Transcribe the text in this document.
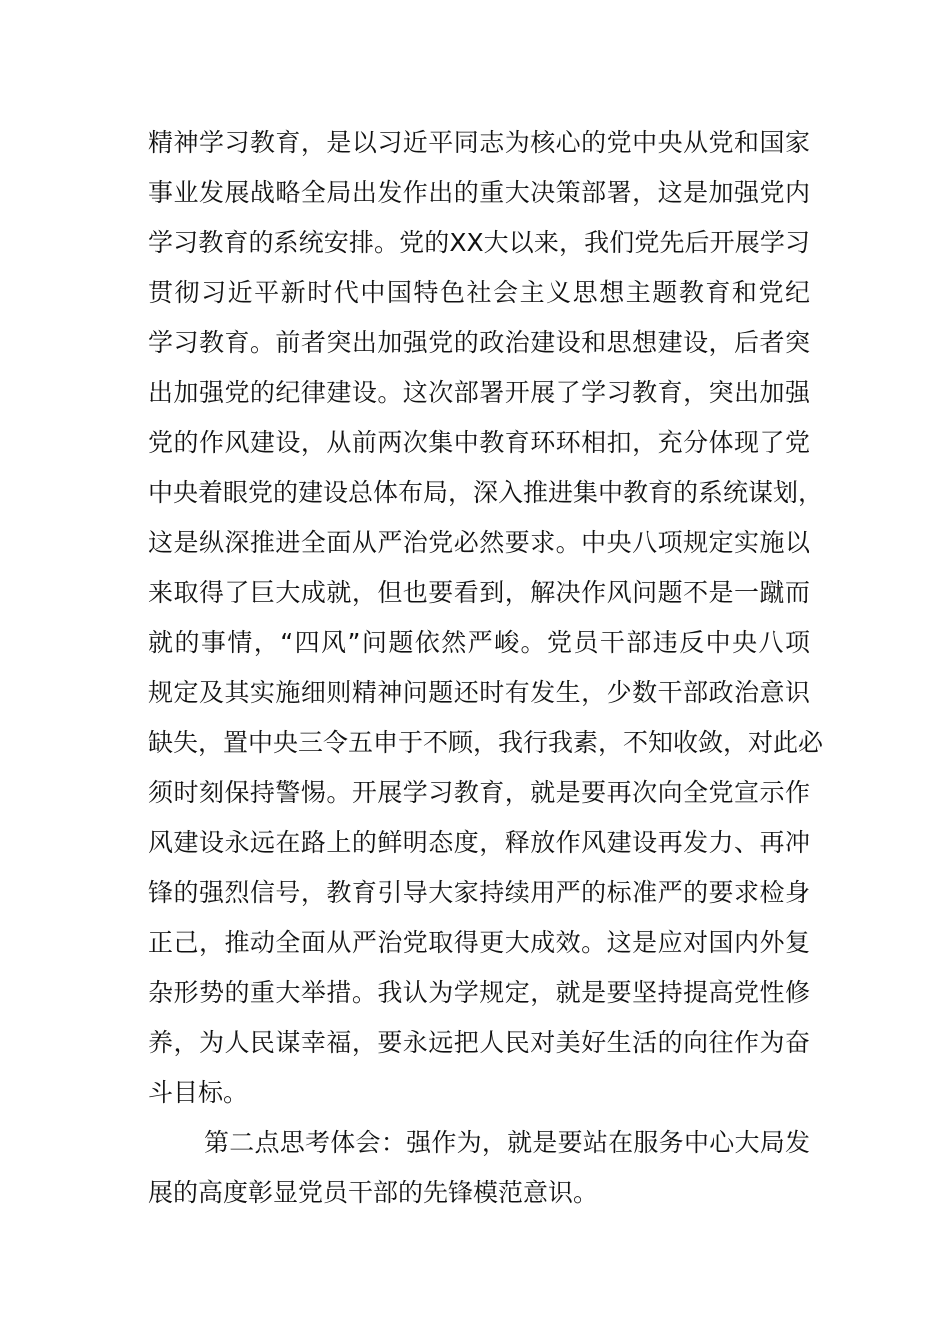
精神学习教育，是以习近平同志为核心的党中央从党和国家
事业发展战略全局出发作出的重大决策部署，这是加强党内
学习教育的系统安排。党的XX大以来，我们党先后开展学习
贯彻习近平新时代中国特色社会主义思想主题教育和党纪
学习教育。前者突出加强党的政治建设和思想建设，后者突
出加强党的纪律建设。这次部署开展了学习教育，突出加强
党的作风建设，从前两次集中教育环环相扣，充分体现了党
中央着眼党的建设总体布局，深入推进集中教育的系统谋划，
这是纵深推进全面从严治党必然要求。中央八项规定实施以
来取得了巨大成就，但也要看到，解决作风问题不是一蹴而
就的事情，“四风”问题依然严峻。党员干部违反中央八项
规定及其实施细则精神问题还时有发生，少数干部政治意识
缺失，置中央三令五申于不顾，我行我素，不知收敛，对此必
须时刻保持警惕。开展学习教育，就是要再次向全党宣示作
风建设永远在路上的鲜明态度，释放作风建设再发力、再冲
锋的强烈信号，教育引导大家持续用严的标准严的要求检身
正己，推动全面从严治党取得更大成效。这是应对国内外复
杂形势的重大举措。我认为学规定，就是要坚持提高党性修
养，为人民谋幸福，要永远把人民对美好生活的向往作为奋
斗目标。
第二点思考体会：强作为，就是要站在服务中心大局发
展的高度彰显党员干部的先锋模范意识。
